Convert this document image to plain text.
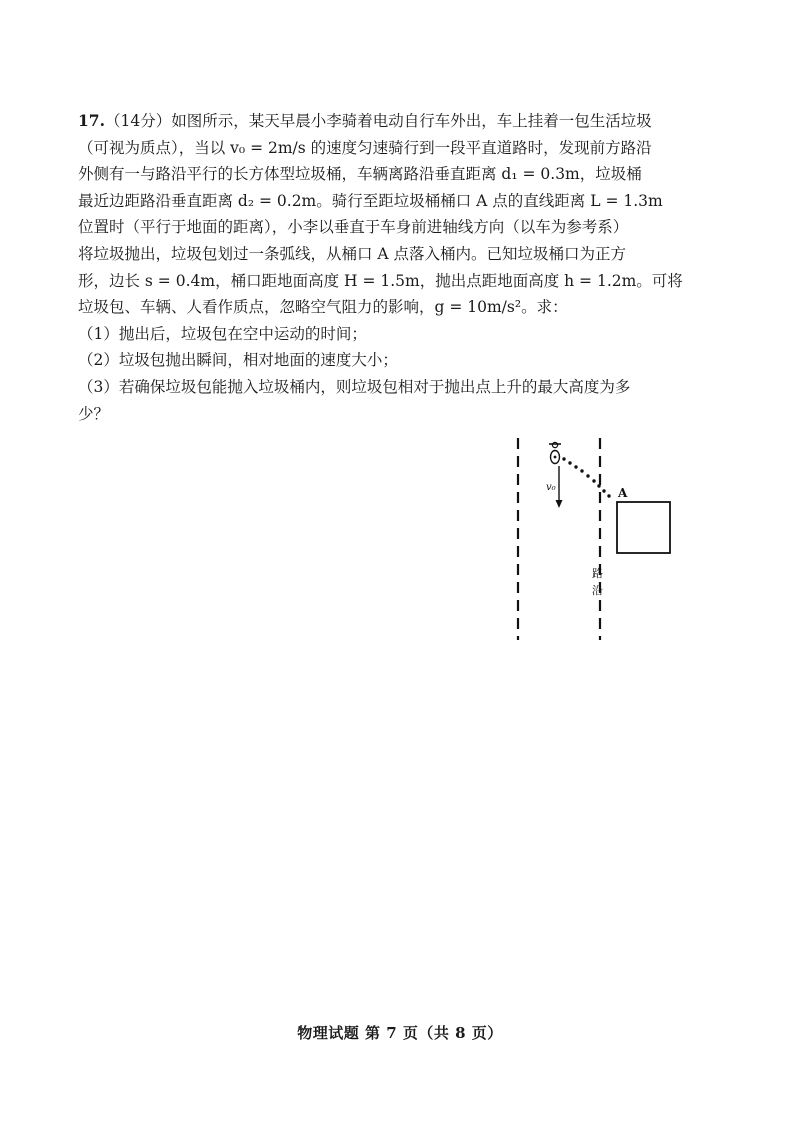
17.（14分）如图所示，某天早晨小李骑着电动自行车外出，车上挂着一包生活垃圾
（可视为质点），当以 v₀ = 2m/s 的速度匀速骑行到一段平直道路时，发现前方路沿
外侧有一与路沿平行的长方体型垃圾桶，车辆离路沿垂直距离 d₁ = 0.3m，垃圾桶
最近边距路沿垂直距离 d₂ = 0.2m。骑行至距垃圾桶桶口 A 点的直线距离 L = 1.3m
位置时（平行于地面的距离），小李以垂直于车身前进轴线方向（以车为参考系）
将垃圾抛出，垃圾包划过一条弧线，从桶口 A 点落入桶内。已知垃圾桶口为正方
形，边长 s = 0.4m，桶口距地面高度 H = 1.5m，抛出点距地面高度 h = 1.2m。可将
垃圾包、车辆、人看作质点，忽略空气阻力的影响，g = 10m/s²。求：
（1）抛出后，垃圾包在空中运动的时间；
（2）垃圾包抛出瞬间，相对地面的速度大小；
（3）若确保垃圾包能抛入垃圾桶内，则垃圾包相对于抛出点上升的最大高度为多
少？
v₀	A
路
沿
物理试题 第 7 页（共 8 页）
